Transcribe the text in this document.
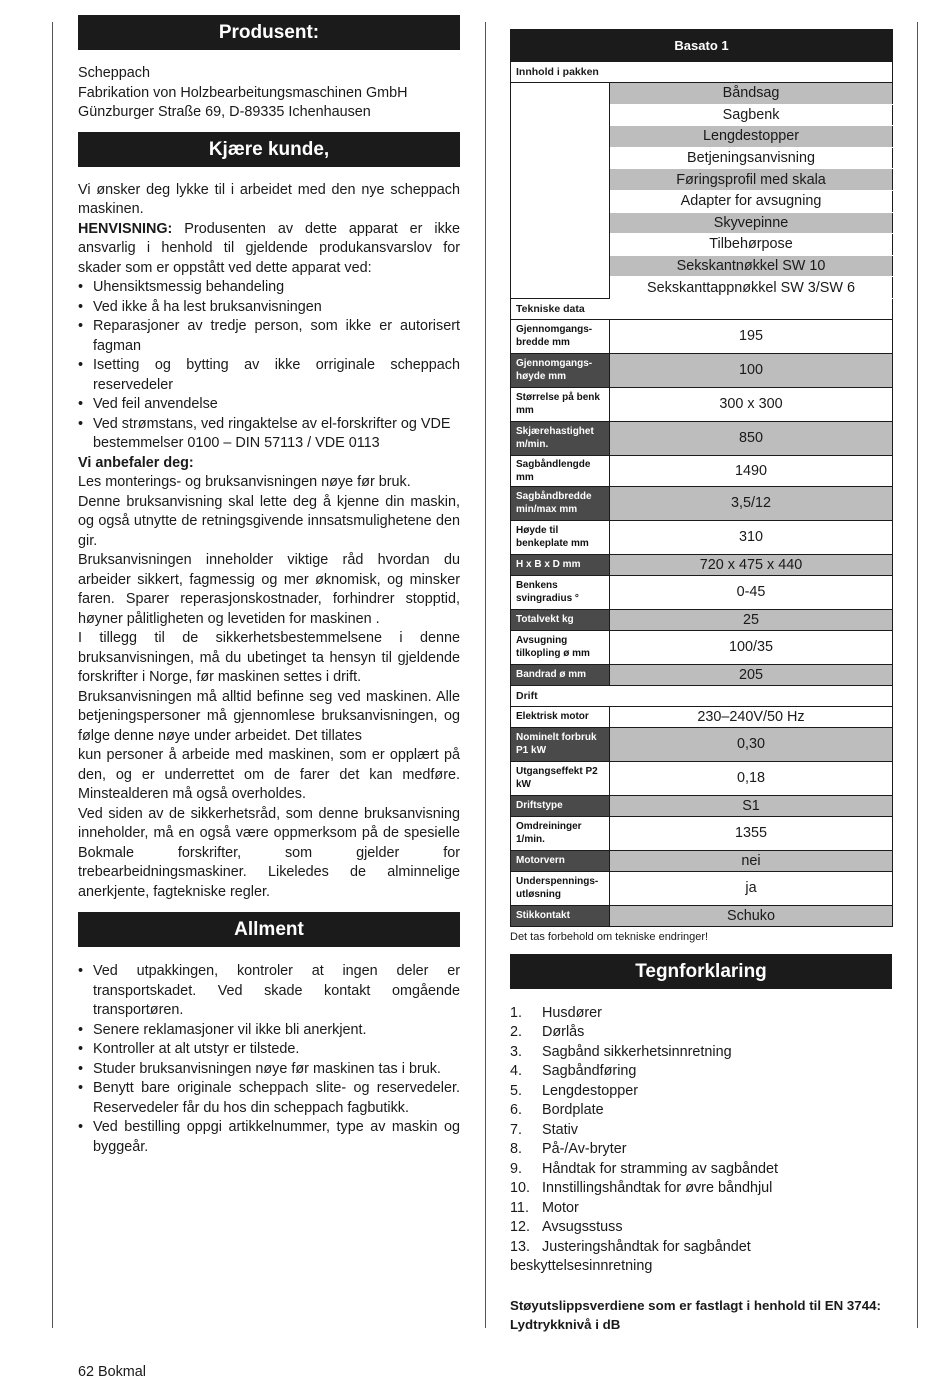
Produsent:
Scheppach
Fabrikation von Holzbearbeitungsmaschinen GmbH
Günzburger Straße 69, D-89335 Ichenhausen
Kjære kunde,
Vi ønsker deg lykke til i arbeidet med den nye scheppach maskinen.
HENVISNING: Produsenten av dette apparat er ikke ansvarlig i henhold til gjeldende produkansvarslov for skader som er oppstått ved dette apparat ved:
• Uhensiktsmessig behandeling
• Ved ikke å ha lest bruksanvisningen
• Reparasjoner av tredje person, som ikke er autorisert fagman
• Isetting og bytting av ikke orriginale scheppach reservedeler
• Ved feil anvendelse
• Ved strømstans, ved ringaktelse av el-forskrifter og VDE bestemmelser 0100 – DIN 57113 / VDE 0113
Vi anbefaler deg:
Les monterings- og bruksanvisningen nøye før bruk.
Denne bruksanvisning skal lette deg å kjenne din maskin, og også utnytte de retningsgivende innsatsmulighetene den gir.
Bruksanvisningen inneholder viktige råd hvordan du arbeider sikkert, fagmessig og mer øknomisk, og minsker faren. Sparer reperasjonskostnader, forhindrer stopptid, høyner pålitligheten og levetiden for maskinen .
I tillegg til de sikkerhetsbestemmelsene i denne bruksanvisningen, må du ubetinget ta hensyn til gjeldende forskrifter i Norge, før maskinen settes i drift.
Bruksanvisningen må alltid befinne seg ved maskinen. Alle betjeningspersoner må gjennomlese bruksanvisningen, og følge denne nøye under arbeidet. Det tillates
kun personer å arbeide med maskinen, som er opplært på den, og er underrettet om de farer det kan medføre. Minstealderen må også overholdes.
Ved siden av de sikkerhetsråd, som denne bruksanvisning inneholder, må en også være oppmerksom på de spesielle Bokmale forskrifter, som gjelder for trebearbeidningsmaskiner. Likeledes de alminnelige anerkjente, fagtekniske regler.
Allment
• Ved utpakkingen, kontroler at ingen deler er transportskadet. Ved skade kontakt omgående transportøren.
• Senere reklamasjoner vil ikke bli anerkjent.
• Kontroller at alt utstyr er tilstede.
• Studer bruksanvisningen nøye før maskinen tas i bruk.
• Benytt bare originale scheppach slite- og reservedeler. Reservedeler får du hos din scheppach fagbutikk.
• Ved bestilling oppgi artikkelnummer, type av maskin og byggeår.
Basato 1	
Innhold i pakken	
	Båndsag
	Sagbenk
	Lengdestopper
	Betjeningsanvisning
	Føringsprofil med skala
	Adapter for avsugning
	Skyvepinne
	Tilbehørpose
	Sekskantnøkkel SW 10
	Sekskanttappnøkkel SW 3/SW 6
Tekniske data	
Gjennomgangs-bredde mm	195
Gjennomgangs-høyde mm	100
Størrelse på benk mm	300 x 300
Skjærehastighet m/min.	850
Sagbåndlengde mm	1490
Sagbåndbredde min/max mm	3,5/12
Høyde til benkeplate mm	310
H x B x D mm	720 x 475 x 440
Benkens svingradius °	0-45
Totalvekt kg	25
Avsugning tilkopling ø mm	100/35
Bandrad ø mm	205
Drift	
Elektrisk motor	230–240V/50 Hz
Nominelt forbruk P1 kW	0,30
Utgangseffekt P2 kW	0,18
Driftstype	S1
Omdreininger 1/min.	1355
Motorvern	nei
Underspennings-utløsning	ja
Stikkontakt	Schuko
Det tas forbehold om tekniske endringer!
Tegnforklaring
1. Husdører
2. Dørlås
3. Sagbånd sikkerhetsinnretning
4. Sagbåndføring
5. Lengdestopper
6. Bordplate
7. Stativ
8. På-/Av-bryter
9. Håndtak for stramming av sagbåndet
10. Innstillingshåndtak for øvre båndhjul
11. Motor
12. Avsugsstuss
13. Justeringshåndtak for sagbåndet beskyttelsesinnretning
Støyutslippsverdiene som er fastlagt i henhold til EN 3744:
Lydtrykknivå i dB
62 Bokmal
